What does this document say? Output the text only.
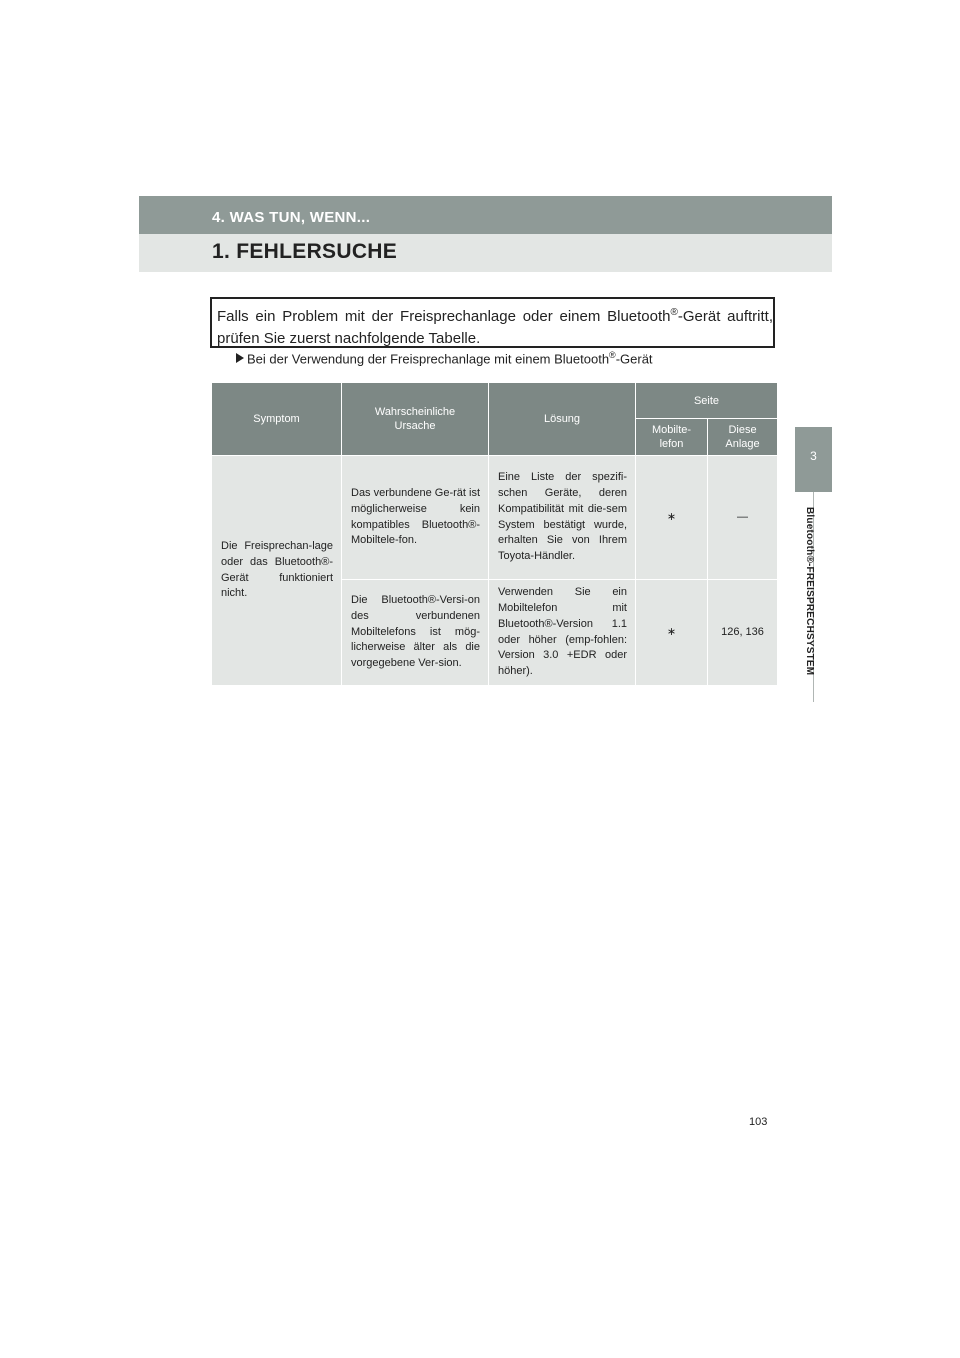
4. WAS TUN, WENN...
1. FEHLERSUCHE
3
Bluetooth®-FREISPRECHSYSTEM
Falls ein Problem mit der Freisprechanlage oder einem Bluetooth®-Gerät auftritt, prüfen Sie zuerst nachfolgende Tabelle.
Bei der Verwendung der Freisprechanlage mit einem Bluetooth®-Gerät
Symptom	Wahrscheinliche Ursache	Lösung	Seite	
			Mobilte-lefon	Diese Anlage
Die Freisprechan-lage oder das Bluetooth®-Gerät funktioniert nicht.	Das verbundene Ge-rät ist möglicherweise kein kompatibles Bluetooth®-Mobiltele-fon.	Eine Liste der spezifi-schen Geräte, deren Kompatibilität mit die-sem System bestätigt wurde, erhalten Sie von Ihrem Toyota-Händler.	∗	—
	Die Bluetooth®-Versi-on des verbundenen Mobiltelefons ist mög-licherweise älter als die vorgegebene Ver-sion.	Verwenden Sie ein Mobiltelefon mit Bluetooth®-Version 1.1 oder höher (emp-fohlen: Version 3.0 +EDR oder höher).	∗	126, 136
103
